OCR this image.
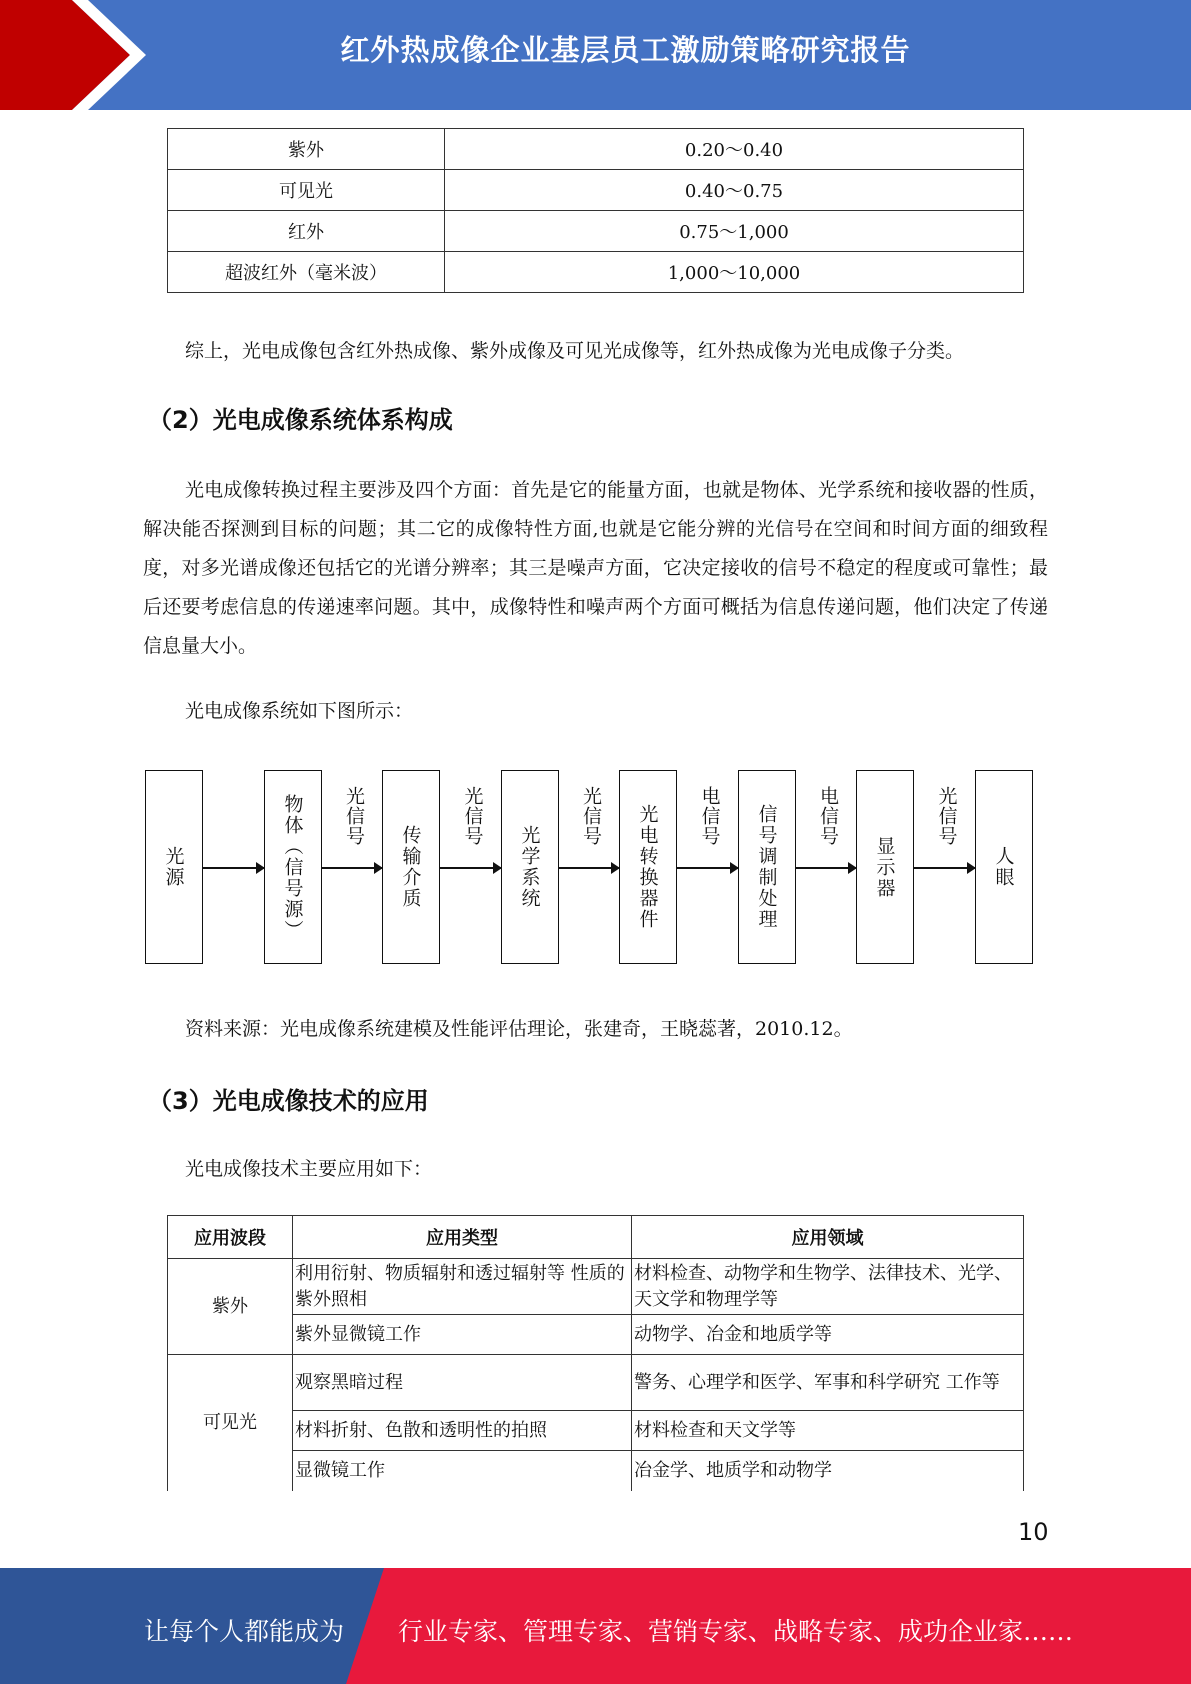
红外热成像企业基层员工激励策略研究报告
紫外	0.20～0.40
可见光	0.40～0.75
红外	0.75～1,000
超波红外（毫米波）	1,000～10,000
综上，光电成像包含红外热成像、紫外成像及可见光成像等，红外热成像为光电成像子分类。
（2）光电成像系统体系构成
光电成像转换过程主要涉及四个方面：首先是它的能量方面，也就是物体、光学系统和接收器的性质，解决能否探测到目标的问题；其二它的成像特性方面,也就是它能分辨的光信号在空间和时间方面的细致程度，对多光谱成像还包括它的光谱分辨率；其三是噪声方面，它决定接收的信号不稳定的程度或可靠性；最后还要考虑信息的传递速率问题。其中，成像特性和噪声两个方面可概括为信息传递问题，他们决定了传递信息量大小。
光电成像系统如下图所示：
光源	物体（信号源） 光信号
传输介质
光信号
光学系统
光信号 光电转换器件 电信号 信号调制处理 电信号
显示器
光信号
人眼
资料来源：光电成像系统建模及性能评估理论，张建奇，王晓蕊著，2010.12。
（3）光电成像技术的应用
光电成像技术主要应用如下：
应用波段	应用类型	应用领域
紫外	利用衍射、物质辐射和透过辐射等 性质的紫外照相	材料检查、动物学和生物学、法律技术、光学、天文学和物理学等
	紫外显微镜工作	动物学、冶金和地质学等
可见光	观察黑暗过程	警务、心理学和医学、军事和科学研究 工作等
	材料折射、色散和透明性的拍照	材料检查和天文学等
	显微镜工作	冶金学、地质学和动物学
10
让每个人都能成为 行业专家、管理专家、营销专家、战略专家、成功企业家……
